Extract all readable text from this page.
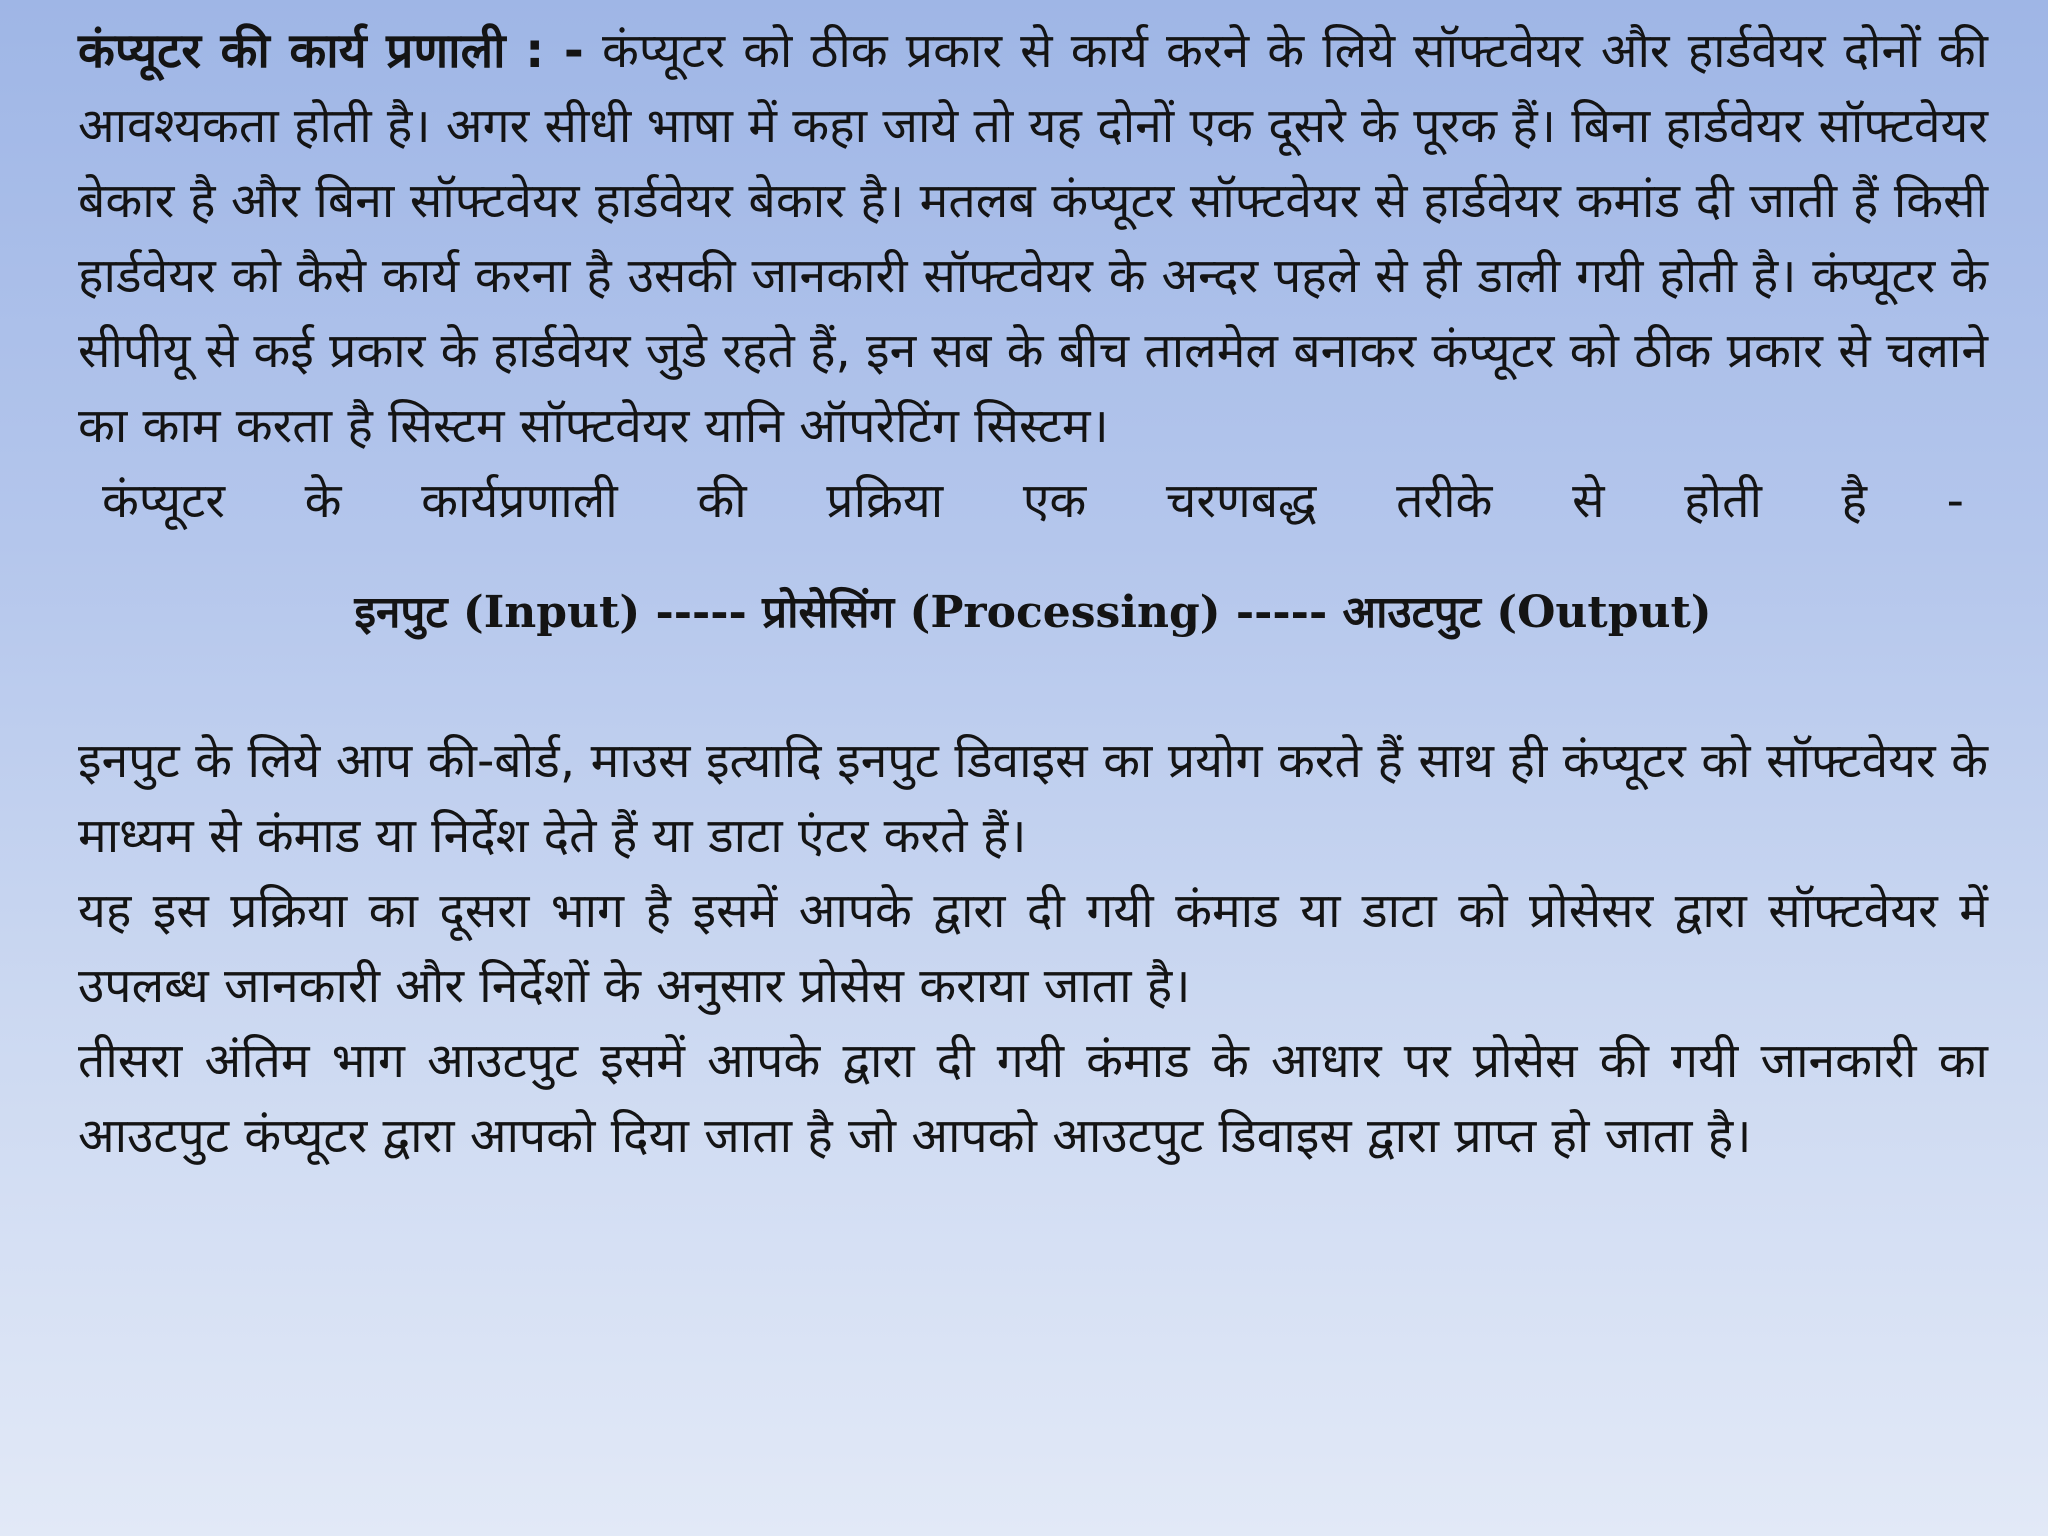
कंप्यूटर की कार्य प्रणाली : - कंप्यूटर को ठीक प्रकार से कार्य करने के लिये सॉफ्टवेयर और हार्डवेयर दोनों की आवश्यकता होती है। अगर सीधी भाषा में कहा जाये तो यह दोनों एक दूसरे के पूरक हैं। बिना हार्डवेयर सॉफ्टवेयर बेकार है और बिना सॉफ्टवेयर हार्डवेयर बेकार है। मतलब कंप्यूटर सॉफ्टवेयर से हार्डवेयर कमांड दी जाती हैं किसी हार्डवेयर को कैसे कार्य करना है उसकी जानकारी सॉफ्टवेयर के अन्दर पहले से ही डाली गयी होती है। कंप्यूटर के सीपीयू से कई प्रकार के हार्डवेयर जुडे रहते हैं, इन सब के बीच तालमेल बनाकर कंप्यूटर को ठीक प्रकार से चलाने का काम करता है सिस्टम सॉफ्टवेयर यानि ऑपरेटिंग सिस्टम।

कंप्यूटर के कार्यप्रणाली की प्रक्रिया एक चरणबद्ध तरीके से होती है -

इनपुट (Input) ----- प्रोसेसिंग (Processing) ----- आउटपुट (Output)

इनपुट के लिये आप की-बोर्ड, माउस इत्यादि इनपुट डिवाइस का प्रयोग करते हैं साथ ही कंप्यूटर को सॉफ्टवेयर के माध्यम से कंमाड या निर्देश देते हैं या डाटा एंटर करते हैं।

यह इस प्रक्रिया का दूसरा भाग है इसमें आपके द्वारा दी गयी कंमाड या डाटा को प्रोसेसर द्वारा सॉफ्टवेयर में उपलब्ध जानकारी और निर्देशों के अनुसार प्रोसेस कराया जाता है।

तीसरा अंतिम भाग आउटपुट इसमें आपके द्वारा दी गयी कंमाड के आधार पर प्रोसेस की गयी जानकारी का आउटपुट कंप्यूटर द्वारा आपको दिया जाता है जो आपको आउटपुट डिवाइस द्वारा प्राप्त हो जाता है।
